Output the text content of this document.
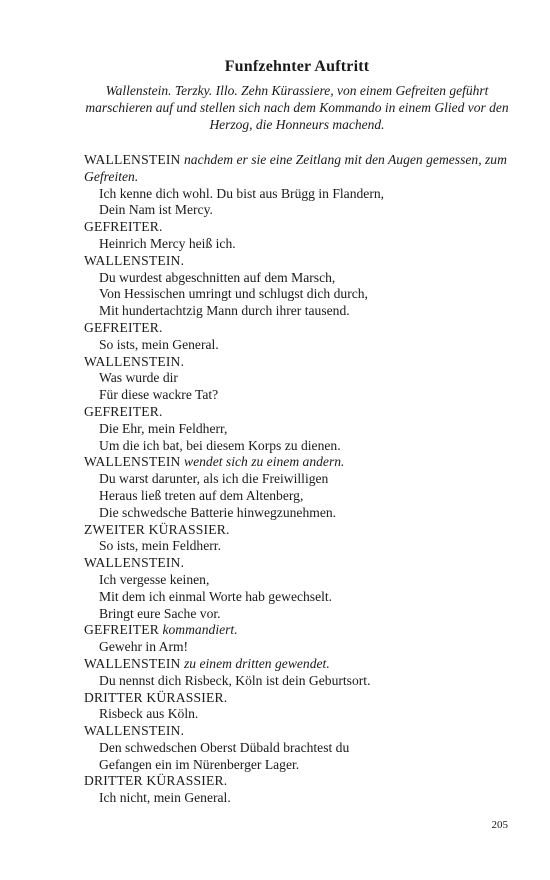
Funfzehnter Auftritt

Wallenstein. Terzky. Illo. Zehn Kürassiere, von einem Gefreiten geführt marschieren auf und stellen sich nach dem Kommando in einem Glied vor den Herzog, die Honneurs machend.

WALLENSTEIN nachdem er sie eine Zeitlang mit den Augen gemessen, zum Gefreiten.
Ich kenne dich wohl. Du bist aus Brügg in Flandern,
Dein Nam ist Mercy.
GEFREITER.
Heinrich Mercy heiß ich.
WALLENSTEIN.
Du wurdest abgeschnitten auf dem Marsch,
Von Hessischen umringt und schlugst dich durch,
Mit hundertachtzig Mann durch ihrer tausend.
GEFREITER.
So ists, mein General.
WALLENSTEIN.
Was wurde dir
Für diese wackre Tat?
GEFREITER.
Die Ehr, mein Feldherr,
Um die ich bat, bei diesem Korps zu dienen.
WALLENSTEIN wendet sich zu einem andern.
Du warst darunter, als ich die Freiwilligen
Heraus ließ treten auf dem Altenberg,
Die schwedsche Batterie hinwegzunehmen.
ZWEITER KÜRASSIER.
So ists, mein Feldherr.
WALLENSTEIN.
Ich vergesse keinen,
Mit dem ich einmal Worte hab gewechselt.
Bringt eure Sache vor.
GEFREITER kommandiert.
Gewehr in Arm!
WALLENSTEIN zu einem dritten gewendet.
Du nennst dich Risbeck, Köln ist dein Geburtsort.
DRITTER KÜRASSIER.
Risbeck aus Köln.
WALLENSTEIN.
Den schwedschen Oberst Dübald brachtest du
Gefangen ein im Nürenberger Lager.
DRITTER KÜRASSIER.
Ich nicht, mein General.
205
